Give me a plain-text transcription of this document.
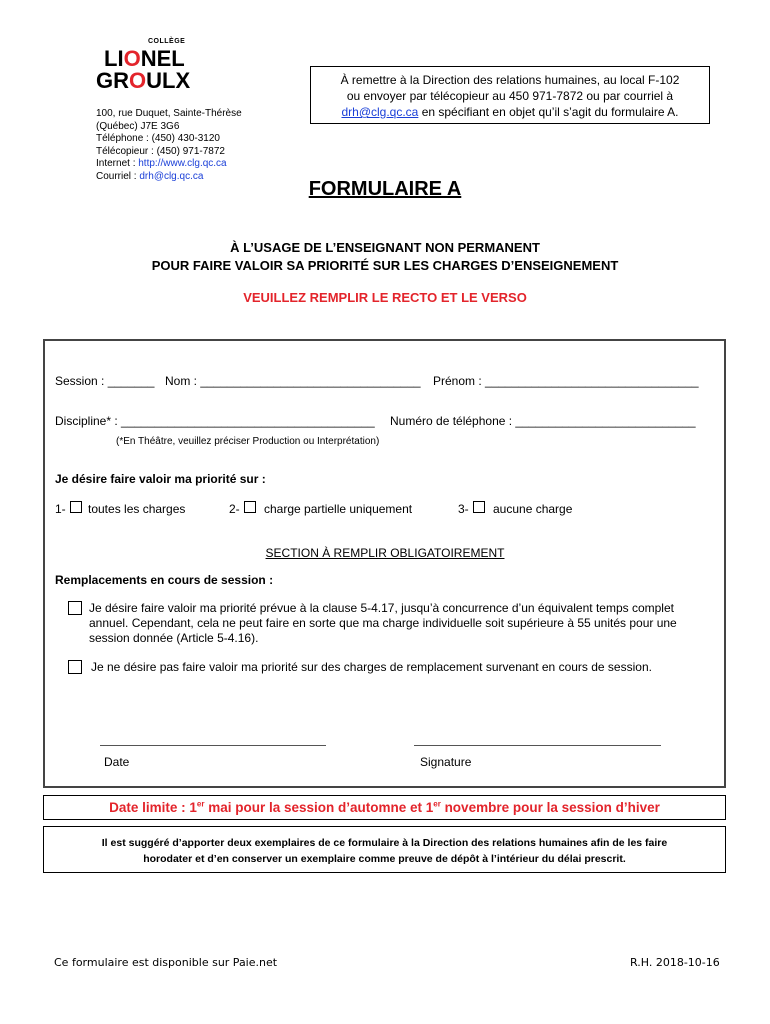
COLLÈGE
LIONEL
GROULX
100, rue Duquet, Sainte-Thérèse
(Québec) J7E 3G6
Téléphone : (450) 430-3120
Télécopieur : (450) 971-7872
Internet : http://www.clg.qc.ca
Courriel : drh@clg.qc.ca
À remettre à la Direction des relations humaines, au local F-102
ou envoyer par télécopieur au 450 971-7872 ou par courriel à
drh@clg.qc.ca en spécifiant en objet qu’il s’agit du formulaire A.
FORMULAIRE A
À L’USAGE DE L’ENSEIGNANT NON PERMANENT
POUR FAIRE VALOIR SA PRIORITÉ SUR LES CHARGES D’ENSEIGNEMENT
VEUILLEZ REMPLIR LE RECTO ET LE VERSO
Session : _______ Nom : _________________________________ Prénom : ________________________________
Discipline* : ______________________________________ Numéro de téléphone : ___________________________
(*En Théâtre, veuillez préciser Production ou Interprétation)
Je désire faire valoir ma priorité sur :
1- toutes les charges	2- charge partielle uniquement	3- aucune charge
SECTION À REMPLIR OBLIGATOIREMENT
Remplacements en cours de session :
Je désire faire valoir ma priorité prévue à la clause 5-4.17, jusqu’à concurrence d’un équivalent temps complet
annuel. Cependant, cela ne peut faire en sorte que ma charge individuelle soit supérieure à 55 unités pour une
session donnée (Article 5-4.16).
Je ne désire pas faire valoir ma priorité sur des charges de remplacement survenant en cours de session.
Date	Signature
Date limite : 1er mai pour la session d’automne et 1er novembre pour la session d’hiver
Il est suggéré d’apporter deux exemplaires de ce formulaire à la Direction des relations humaines afin de les faire
horodater et d’en conserver un exemplaire comme preuve de dépôt à l’intérieur du délai prescrit.
Ce formulaire est disponible sur Paie.net	R.H. 2018-10-16
